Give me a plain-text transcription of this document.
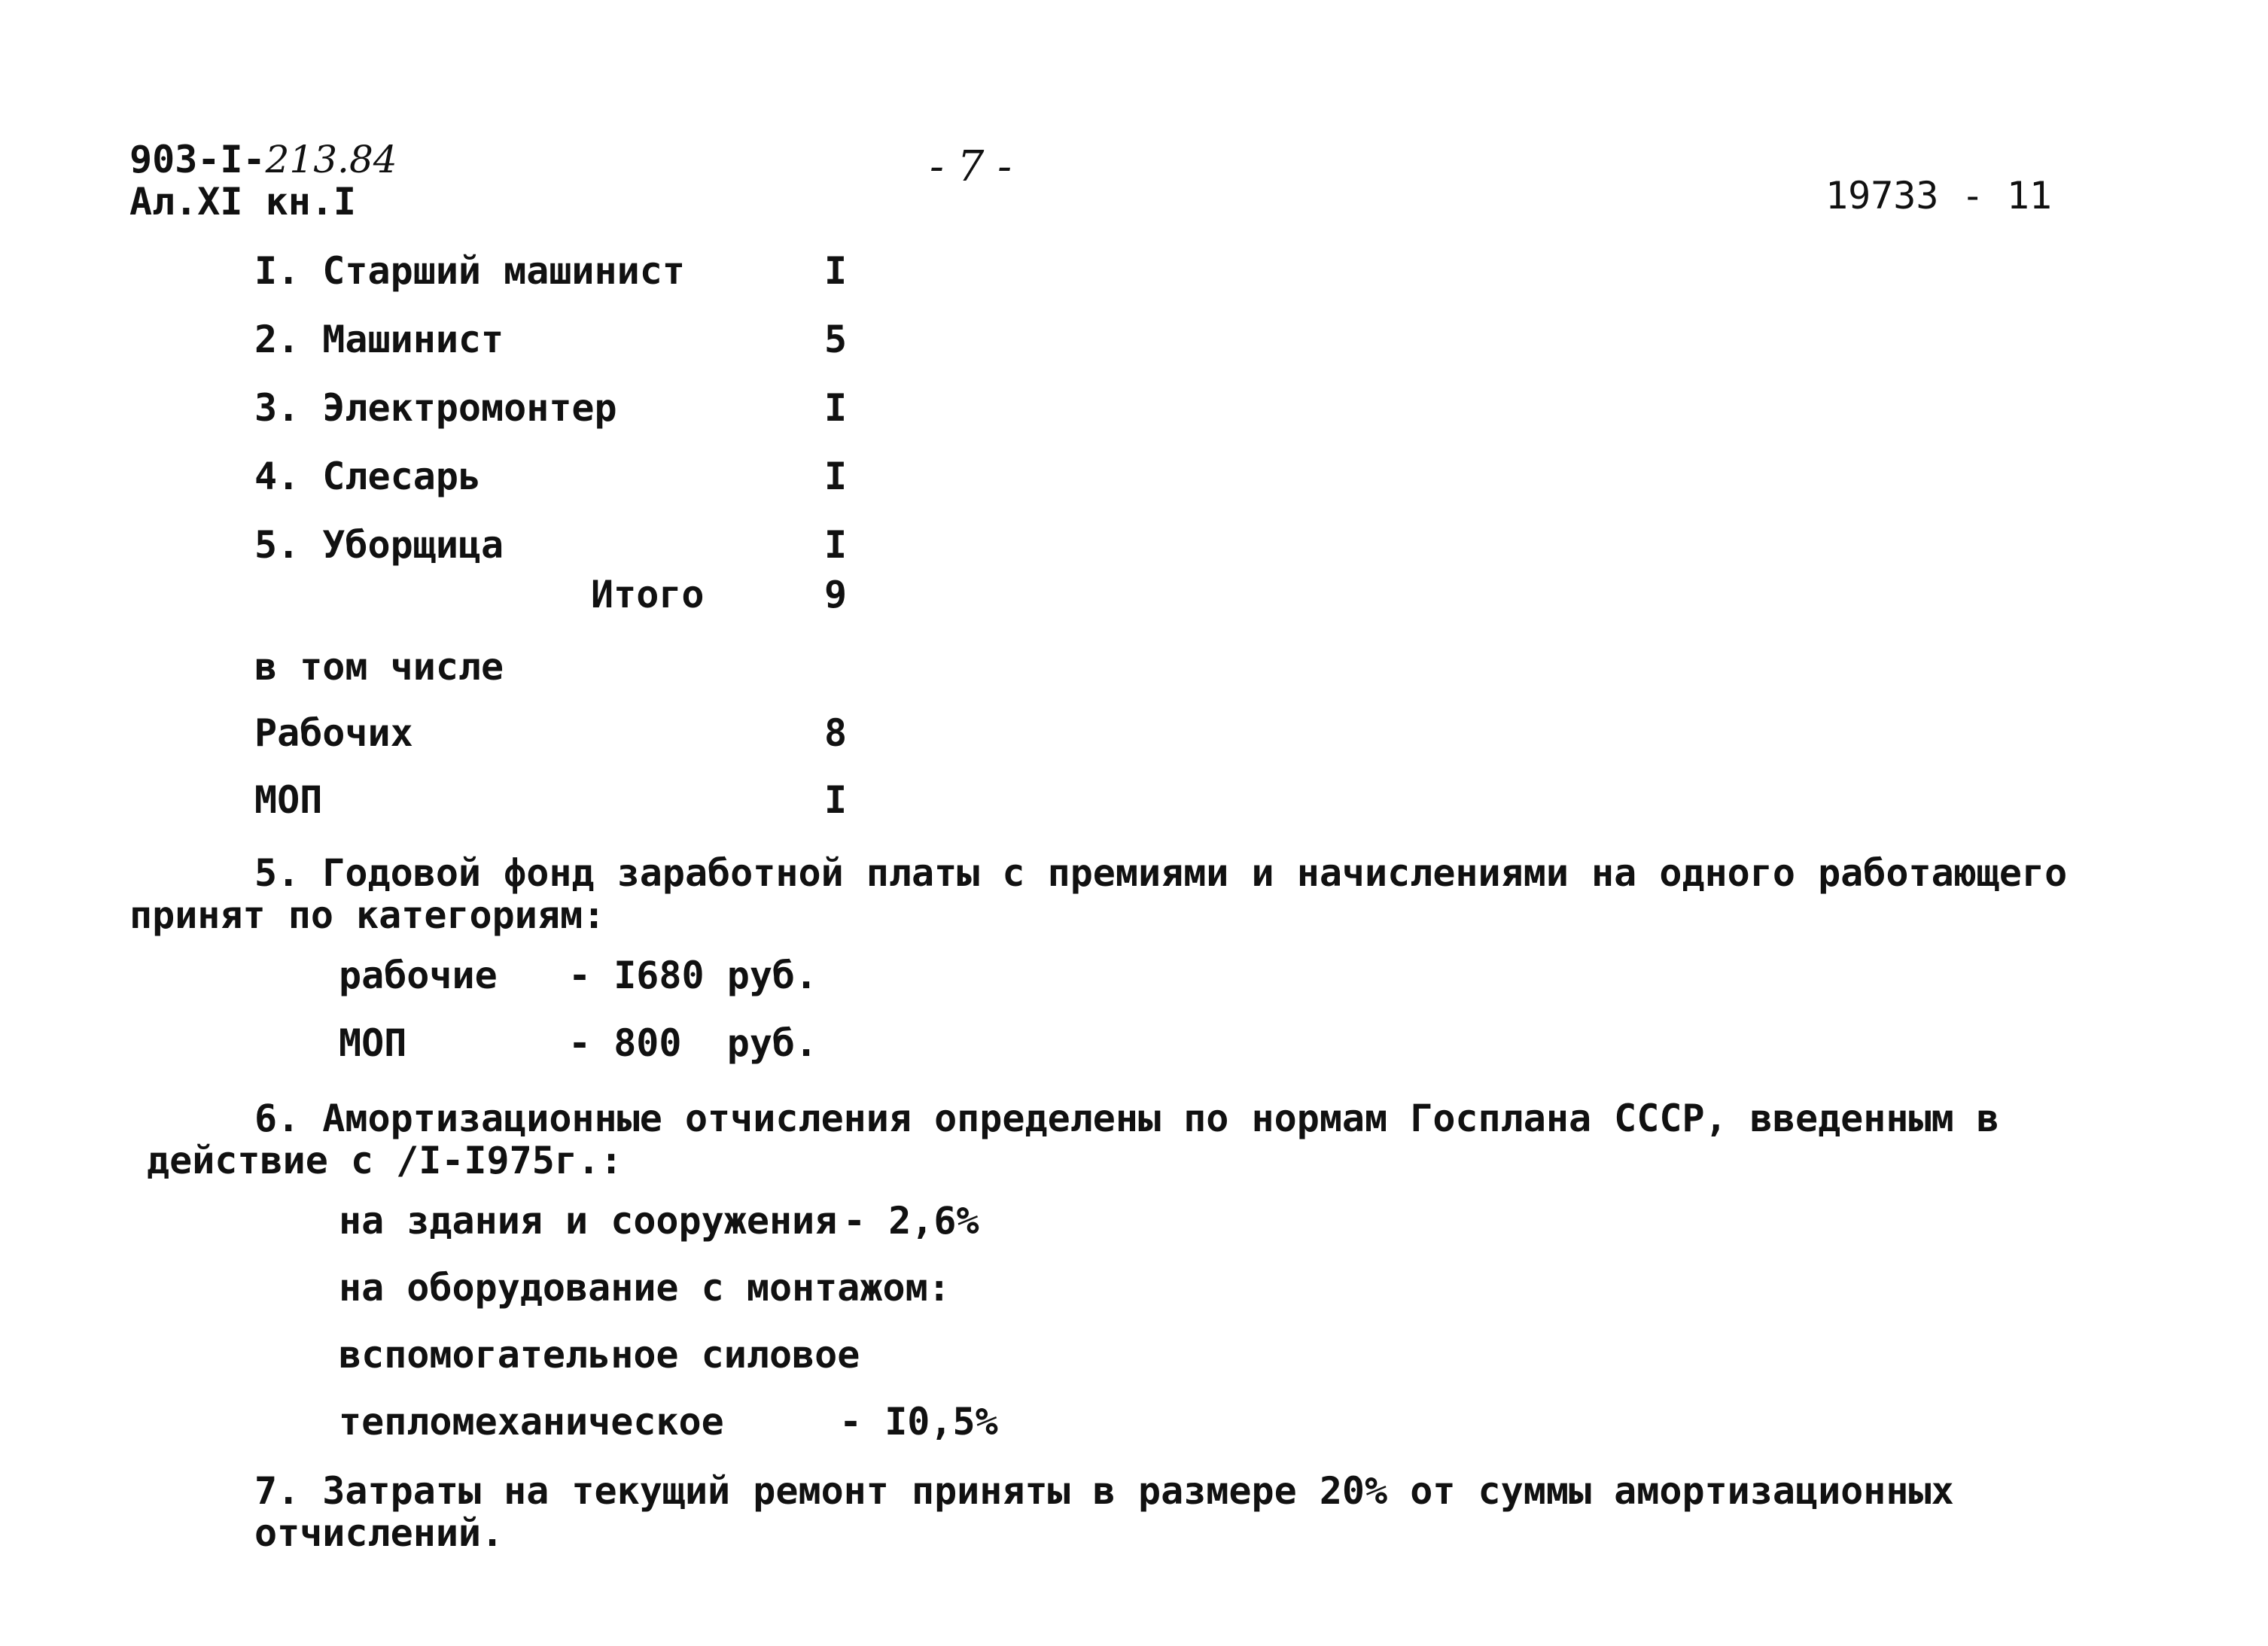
903-I-213.84
Ал.XI кн.I
- 7 -
19733 - 11
I. Старший машинист	I
2. Машинист	5
3. Электромонтер	I
4. Слесарь	I
5. Уборщица	I
Итого	9
в том числе
Рабочих	8
МОП	I
5. Годовой фонд заработной платы с премиями и начислениями на одного работающего принят по категориям:
рабочие - I680 руб.
МОП	- 800  руб.
6. Амортизационные отчисления определены по нормам Госплана СССР, введенным в действие с /I-I975г.:
на здания и сооружения - 2,6%
на оборудование с монтажом:
вспомогательное силовое
тепломеханическое	- I0,5%
7. Затраты на текущий ремонт приняты в размере 20% от суммы амортизационных отчислений.
